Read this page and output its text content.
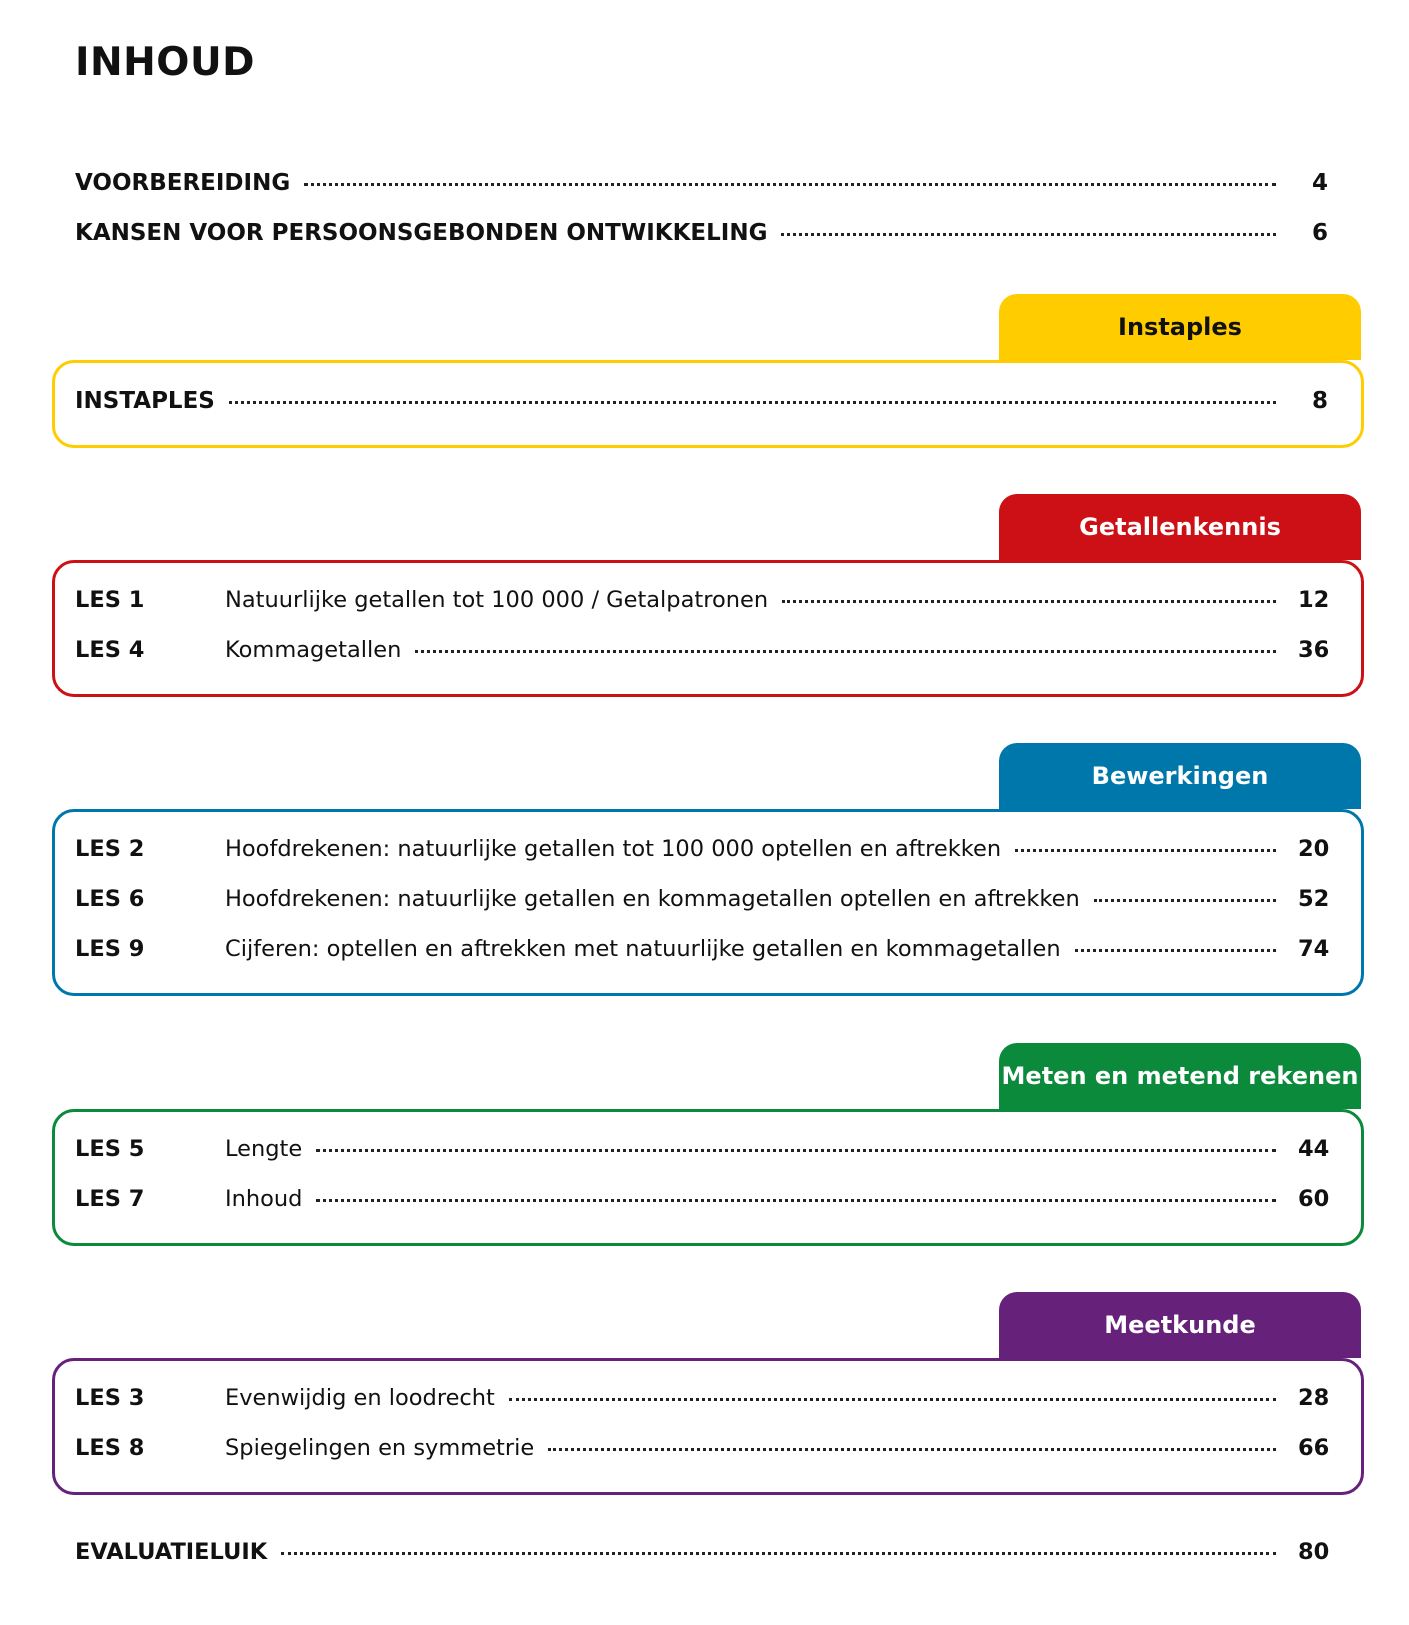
INHOUD
VOORBEREIDING	4
KANSEN VOOR PERSOONSGEBONDEN ONTWIKKELING	6
Instaples
INSTAPLES	8
Getallenkennis
LES 1	Natuurlijke getallen tot 100 000 / Getalpatronen	12
LES 4	Kommagetallen	36
Bewerkingen
LES 2	Hoofdrekenen: natuurlijke getallen tot 100 000 optellen en aftrekken	20
LES 6	Hoofdrekenen: natuurlijke getallen en kommagetallen optellen en aftrekken	52
LES 9	Cijferen: optellen en aftrekken met natuurlijke getallen en kommagetallen	74
Meten en metend rekenen
LES 5	Lengte	44
LES 7	Inhoud	60
Meetkunde
LES 3	Evenwijdig en loodrecht	28
LES 8	Spiegelingen en symmetrie	66
EVALUATIELUIK	80
